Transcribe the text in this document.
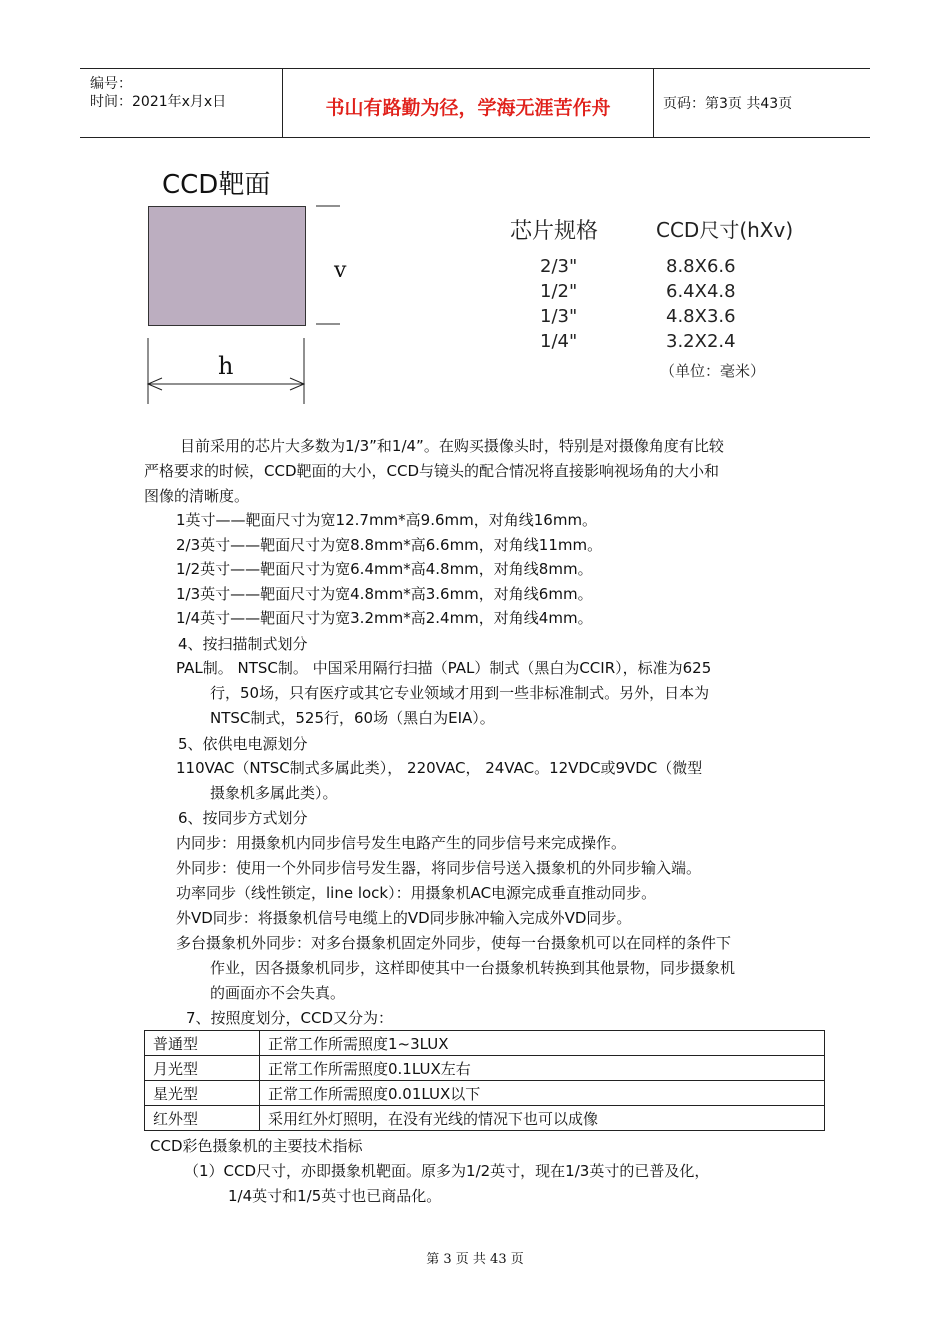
编号：
时间：2021年x月x日	书山有路勤为径，学海无涯苦作舟	页码：第3页 共43页
CCD靶面
v
h
芯片规格	CCD尺寸(hXv)
2/3"	8.8X6.6
1/2"	6.4X4.8
1/3"	4.8X3.6
1/4"	3.2X2.4
（单位：毫米）
目前采用的芯片大多数为1/3”和1/4”。在购买摄像头时，特别是对摄像角度有比较
严格要求的时候，CCD靶面的大小，CCD与镜头的配合情况将直接影响视场角的大小和
图像的清晰度。
1英寸——靶面尺寸为宽12.7mm*高9.6mm，对角线16mm。
2/3英寸——靶面尺寸为宽8.8mm*高6.6mm，对角线11mm。
1/2英寸——靶面尺寸为宽6.4mm*高4.8mm，对角线8mm。
1/3英寸——靶面尺寸为宽4.8mm*高3.6mm，对角线6mm。
1/4英寸——靶面尺寸为宽3.2mm*高2.4mm，对角线4mm。
4、按扫描制式划分
PAL制。 NTSC制。 中国采用隔行扫描（PAL）制式（黑白为CCIR），标准为625
行，50场，只有医疗或其它专业领域才用到一些非标准制式。另外，日本为
NTSC制式，525行，60场（黑白为EIA）。
5、依供电电源划分
110VAC（NTSC制式多属此类）， 220VAC， 24VAC。12VDC或9VDC（微型
摄象机多属此类）。
6、按同步方式划分
内同步：用摄象机内同步信号发生电路产生的同步信号来完成操作。
外同步：使用一个外同步信号发生器，将同步信号送入摄象机的外同步输入端。
功率同步（线性锁定，line lock）：用摄象机AC电源完成垂直推动同步。
外VD同步：将摄象机信号电缆上的VD同步脉冲输入完成外VD同步。
多台摄象机外同步：对多台摄象机固定外同步，使每一台摄象机可以在同样的条件下
作业，因各摄象机同步，这样即使其中一台摄象机转换到其他景物，同步摄象机
的画面亦不会失真。
7、按照度划分，CCD又分为：
普通型	正常工作所需照度1~3LUX
月光型	正常工作所需照度0.1LUX左右
星光型	正常工作所需照度0.01LUX以下
红外型	采用红外灯照明，在没有光线的情况下也可以成像
CCD彩色摄象机的主要技术指标
（1）CCD尺寸，亦即摄象机靶面。原多为1/2英寸，现在1/3英寸的已普及化，
1/4英寸和1/5英寸也已商品化。
第 3 页 共 43 页
